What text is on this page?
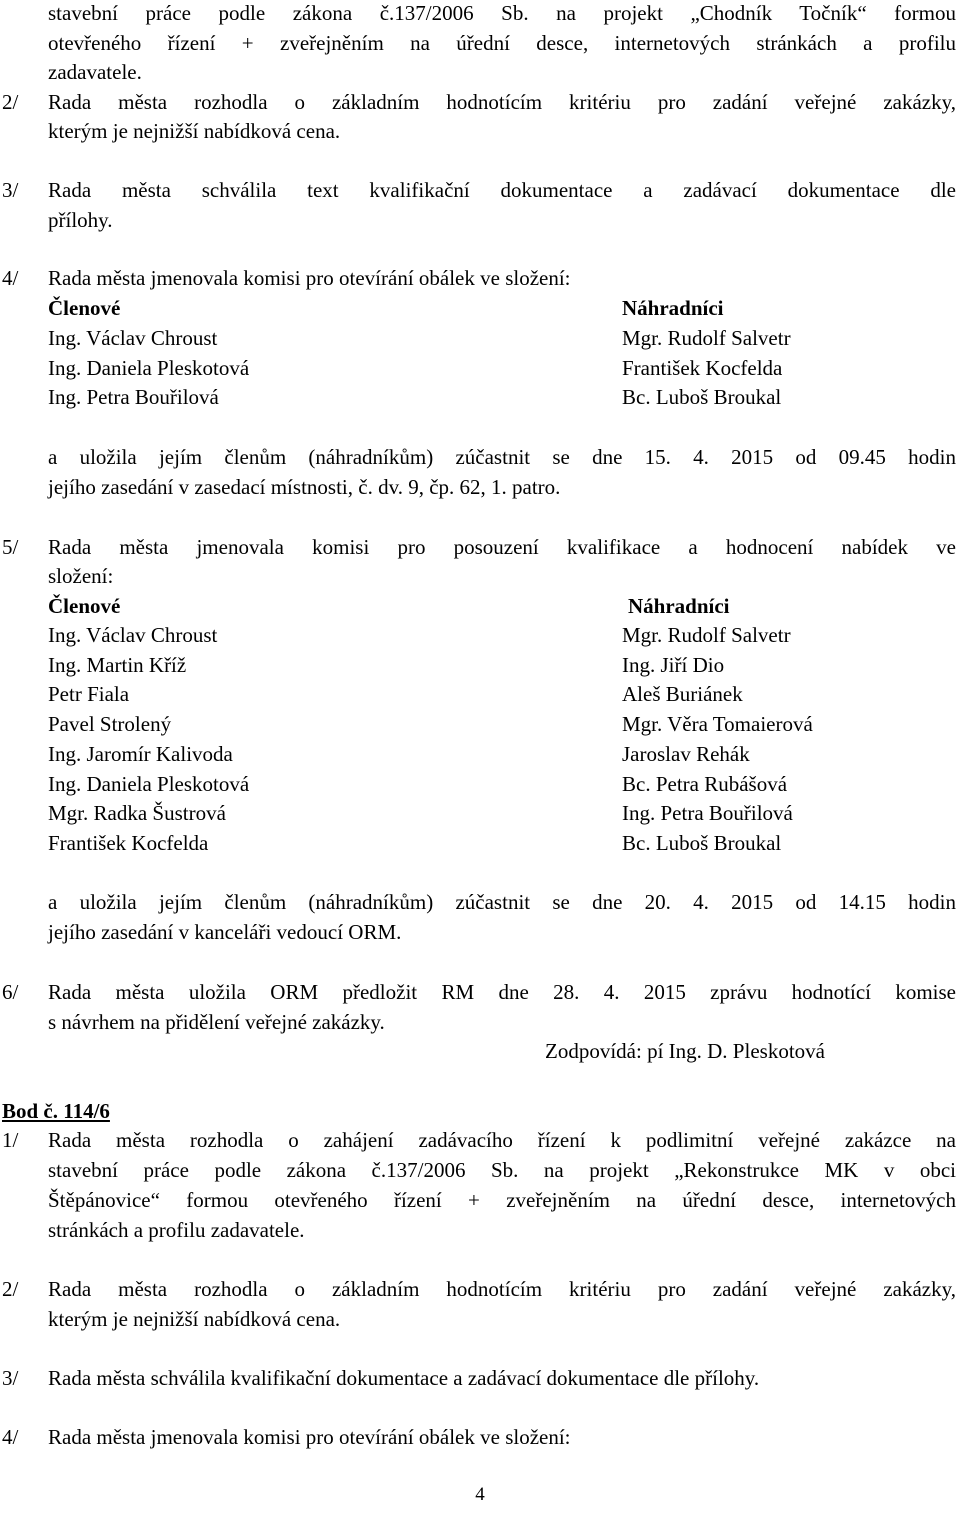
stavební práce podle zákona č.137/2006 Sb. na projekt „Chodník Točník“ formou

otevřeného řízení + zveřejněním na úřední desce, internetových stránkách a profilu

zadavatele.

2/ Rada města rozhodla o základním hodnotícím kritériu pro zadání veřejné zakázky,

kterým je nejnižší nabídková cena.

3/ Rada města schválila text kvalifikační dokumentace a zadávací dokumentace dle

přílohy.

4/ Rada města jmenovala komisi pro otevírání obálek ve složení:

Členové	Náhradníci

Ing. Václav Chroust	Mgr. Rudolf Salvetr

Ing. Daniela Pleskotová	František Kocfelda

Ing. Petra Bouřilová	Bc. Luboš Broukal

a uložila jejím členům (náhradníkům) zúčastnit se dne 15. 4. 2015 od 09.45 hodin

jejího zasedání v zasedací místnosti, č. dv. 9, čp. 62, 1. patro.

5/ Rada města jmenovala komisi pro posouzení kvalifikace a hodnocení nabídek ve

složení:

Členové	Náhradníci

Ing. Václav Chroust	Mgr. Rudolf Salvetr

Ing. Martin Kříž	Ing. Jiří Dio

Petr Fiala	Aleš Buriánek

Pavel Strolený	Mgr. Věra Tomaierová

Ing. Jaromír Kalivoda	Jaroslav Rehák

Ing. Daniela Pleskotová	Bc. Petra Rubášová

Mgr. Radka Šustrová	Ing. Petra Bouřilová

František Kocfelda	Bc. Luboš Broukal

a uložila jejím členům (náhradníkům) zúčastnit se dne 20. 4. 2015 od 14.15 hodin

jejího zasedání v kanceláři vedoucí ORM.

6/ Rada města uložila ORM předložit RM dne 28. 4. 2015 zprávu hodnotící komise

s návrhem na přidělení veřejné zakázky.

Zodpovídá: pí Ing. D. Pleskotová

Bod č. 114/6

1/ Rada města rozhodla o zahájení zadávacího řízení k podlimitní veřejné zakázce na

stavební práce podle zákona č.137/2006 Sb. na projekt „Rekonstrukce MK v obci

Štěpánovice“ formou otevřeného řízení + zveřejněním na úřední desce, internetových

stránkách a profilu zadavatele.

2/ Rada města rozhodla o základním hodnotícím kritériu pro zadání veřejné zakázky,

kterým je nejnižší nabídková cena.

3/ Rada města schválila kvalifikační dokumentace a zadávací dokumentace dle přílohy.

4/ Rada města jmenovala komisi pro otevírání obálek ve složení:

4
